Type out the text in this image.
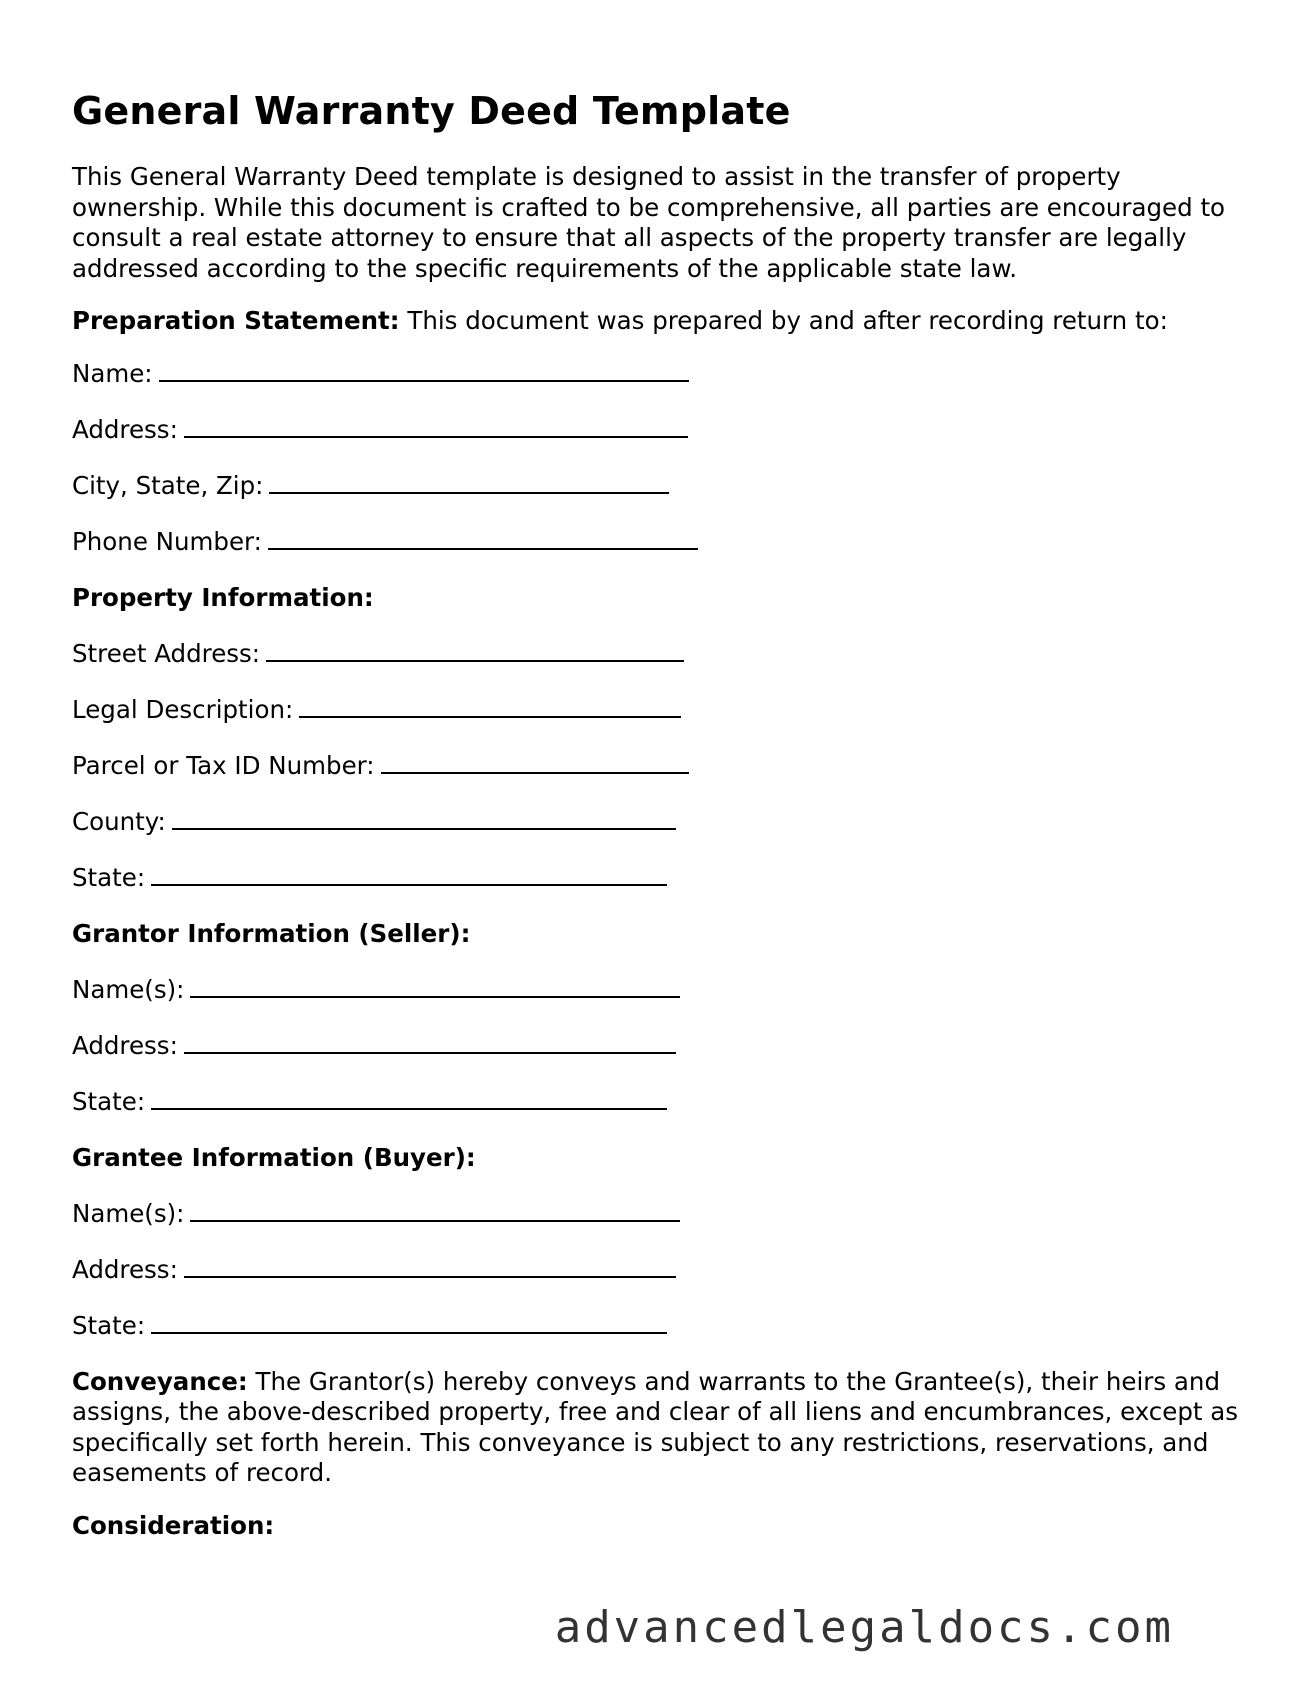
General Warranty Deed Template
This General Warranty Deed template is designed to assist in the transfer of property ownership. While this document is crafted to be comprehensive, all parties are encouraged to consult a real estate attorney to ensure that all aspects of the property transfer are legally addressed according to the specific requirements of the applicable state law.
Preparation Statement: This document was prepared by and after recording return to:
Name:
Address:
City, State, Zip:
Phone Number:
Property Information:
Street Address:
Legal Description:
Parcel or Tax ID Number:
County:
State:
Grantor Information (Seller):
Name(s):
Address:
State:
Grantee Information (Buyer):
Name(s):
Address:
State:
Conveyance: The Grantor(s) hereby conveys and warrants to the Grantee(s), their heirs and assigns, the above-described property, free and clear of all liens and encumbrances, except as specifically set forth herein. This conveyance is subject to any restrictions, reservations, and easements of record.
Consideration:
advancedlegaldocs.com
